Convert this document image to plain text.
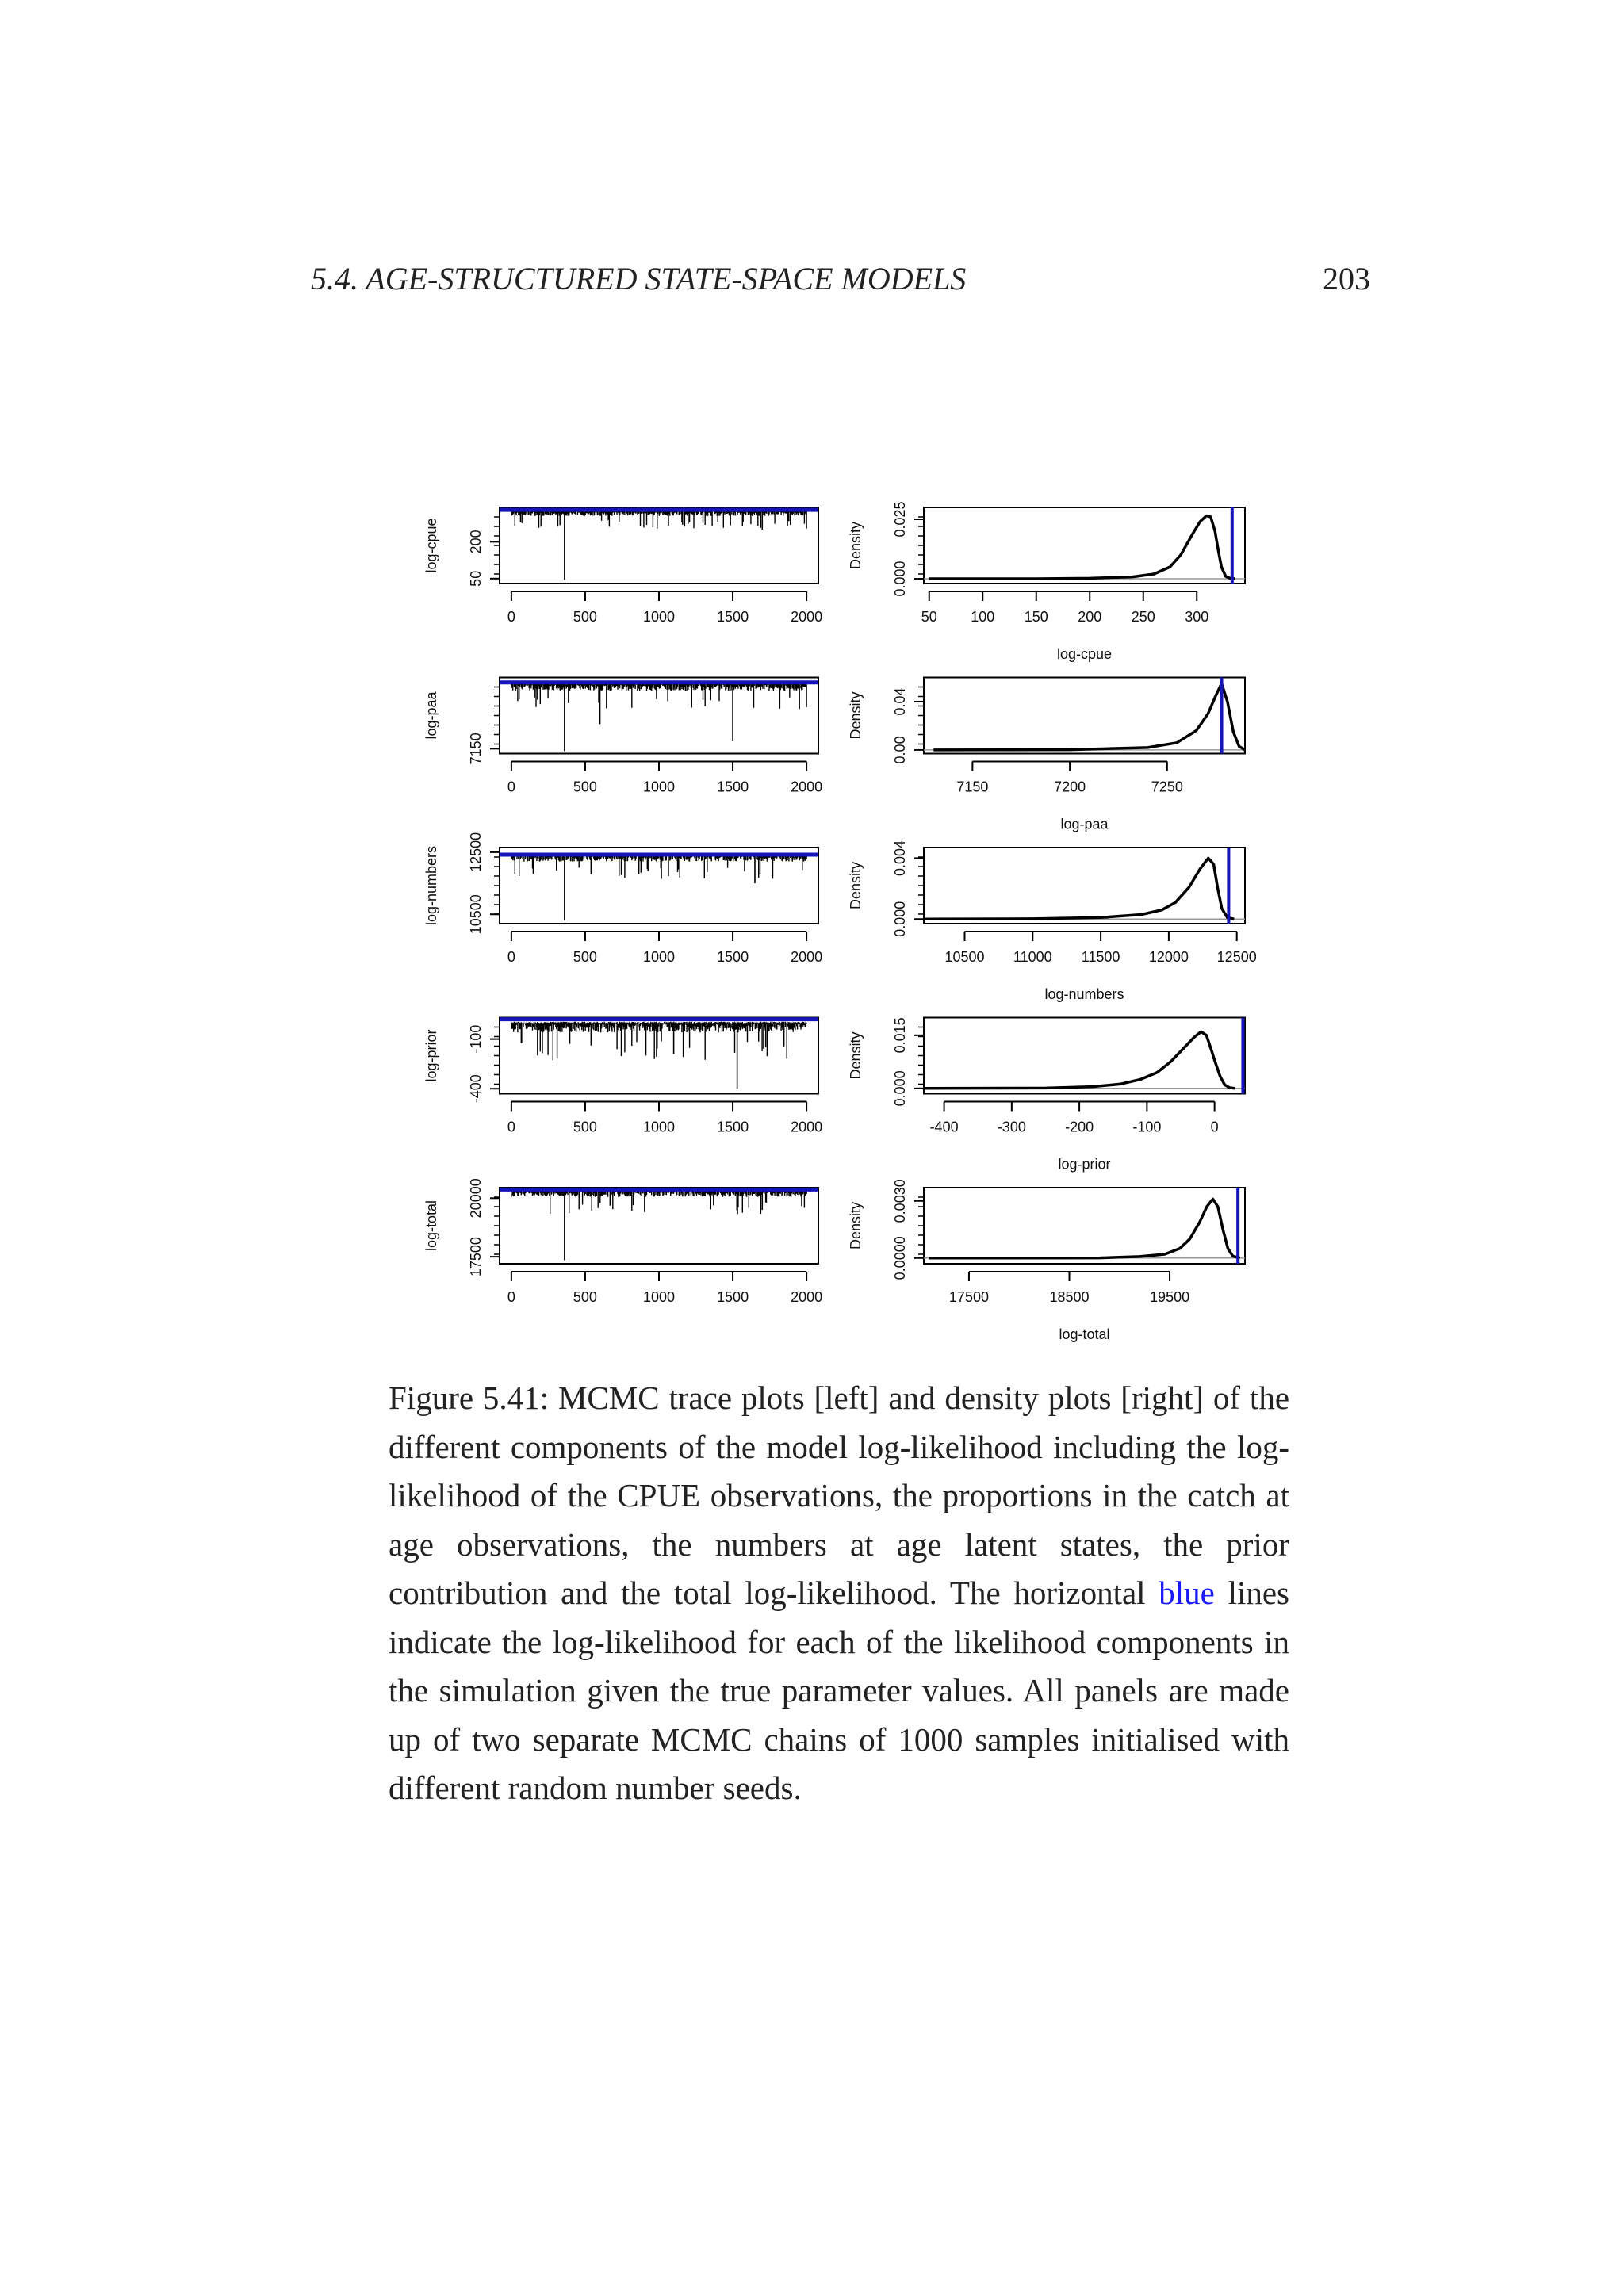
5.4. AGE-STRUCTURED STATE-SPACE MODELS	203
50
200
log-cpue
0	500	1000	1500	2000
0.000
0.025
Density
50 100 150 200 250 300
log-cpue
7150
log-paa
0	500	1000	1500	2000
0.00
0.04
Density
7150	7200	7250
log-paa
10500
12500
log-numbers
0	500	1000	1500	2000
0.000
0.004
Density
10500 11000 11500 12000 12500
log-numbers
-400
-100
log-prior
0	500	1000	1500	2000
0.000
0.015
Density
-400	-300	-200	-100	0
log-prior
17500
20000
log-total
0	500	1000	1500	2000
0.0000
0.0030
Density
17500	18500	19500
log-total
Figure 5.41: MCMC trace plots [left] and density plots [right] of the different components of the model log-likelihood including the log-likelihood of the CPUE observations, the proportions in the catch at age observations, the numbers at age latent states, the prior contribution and the total log-likelihood. The horizontal blue lines indicate the log-likelihood for each of the likelihood components in the simulation given the true parameter values. All panels are made up of two separate MCMC chains of 1000 samples initialised with different random number seeds.
